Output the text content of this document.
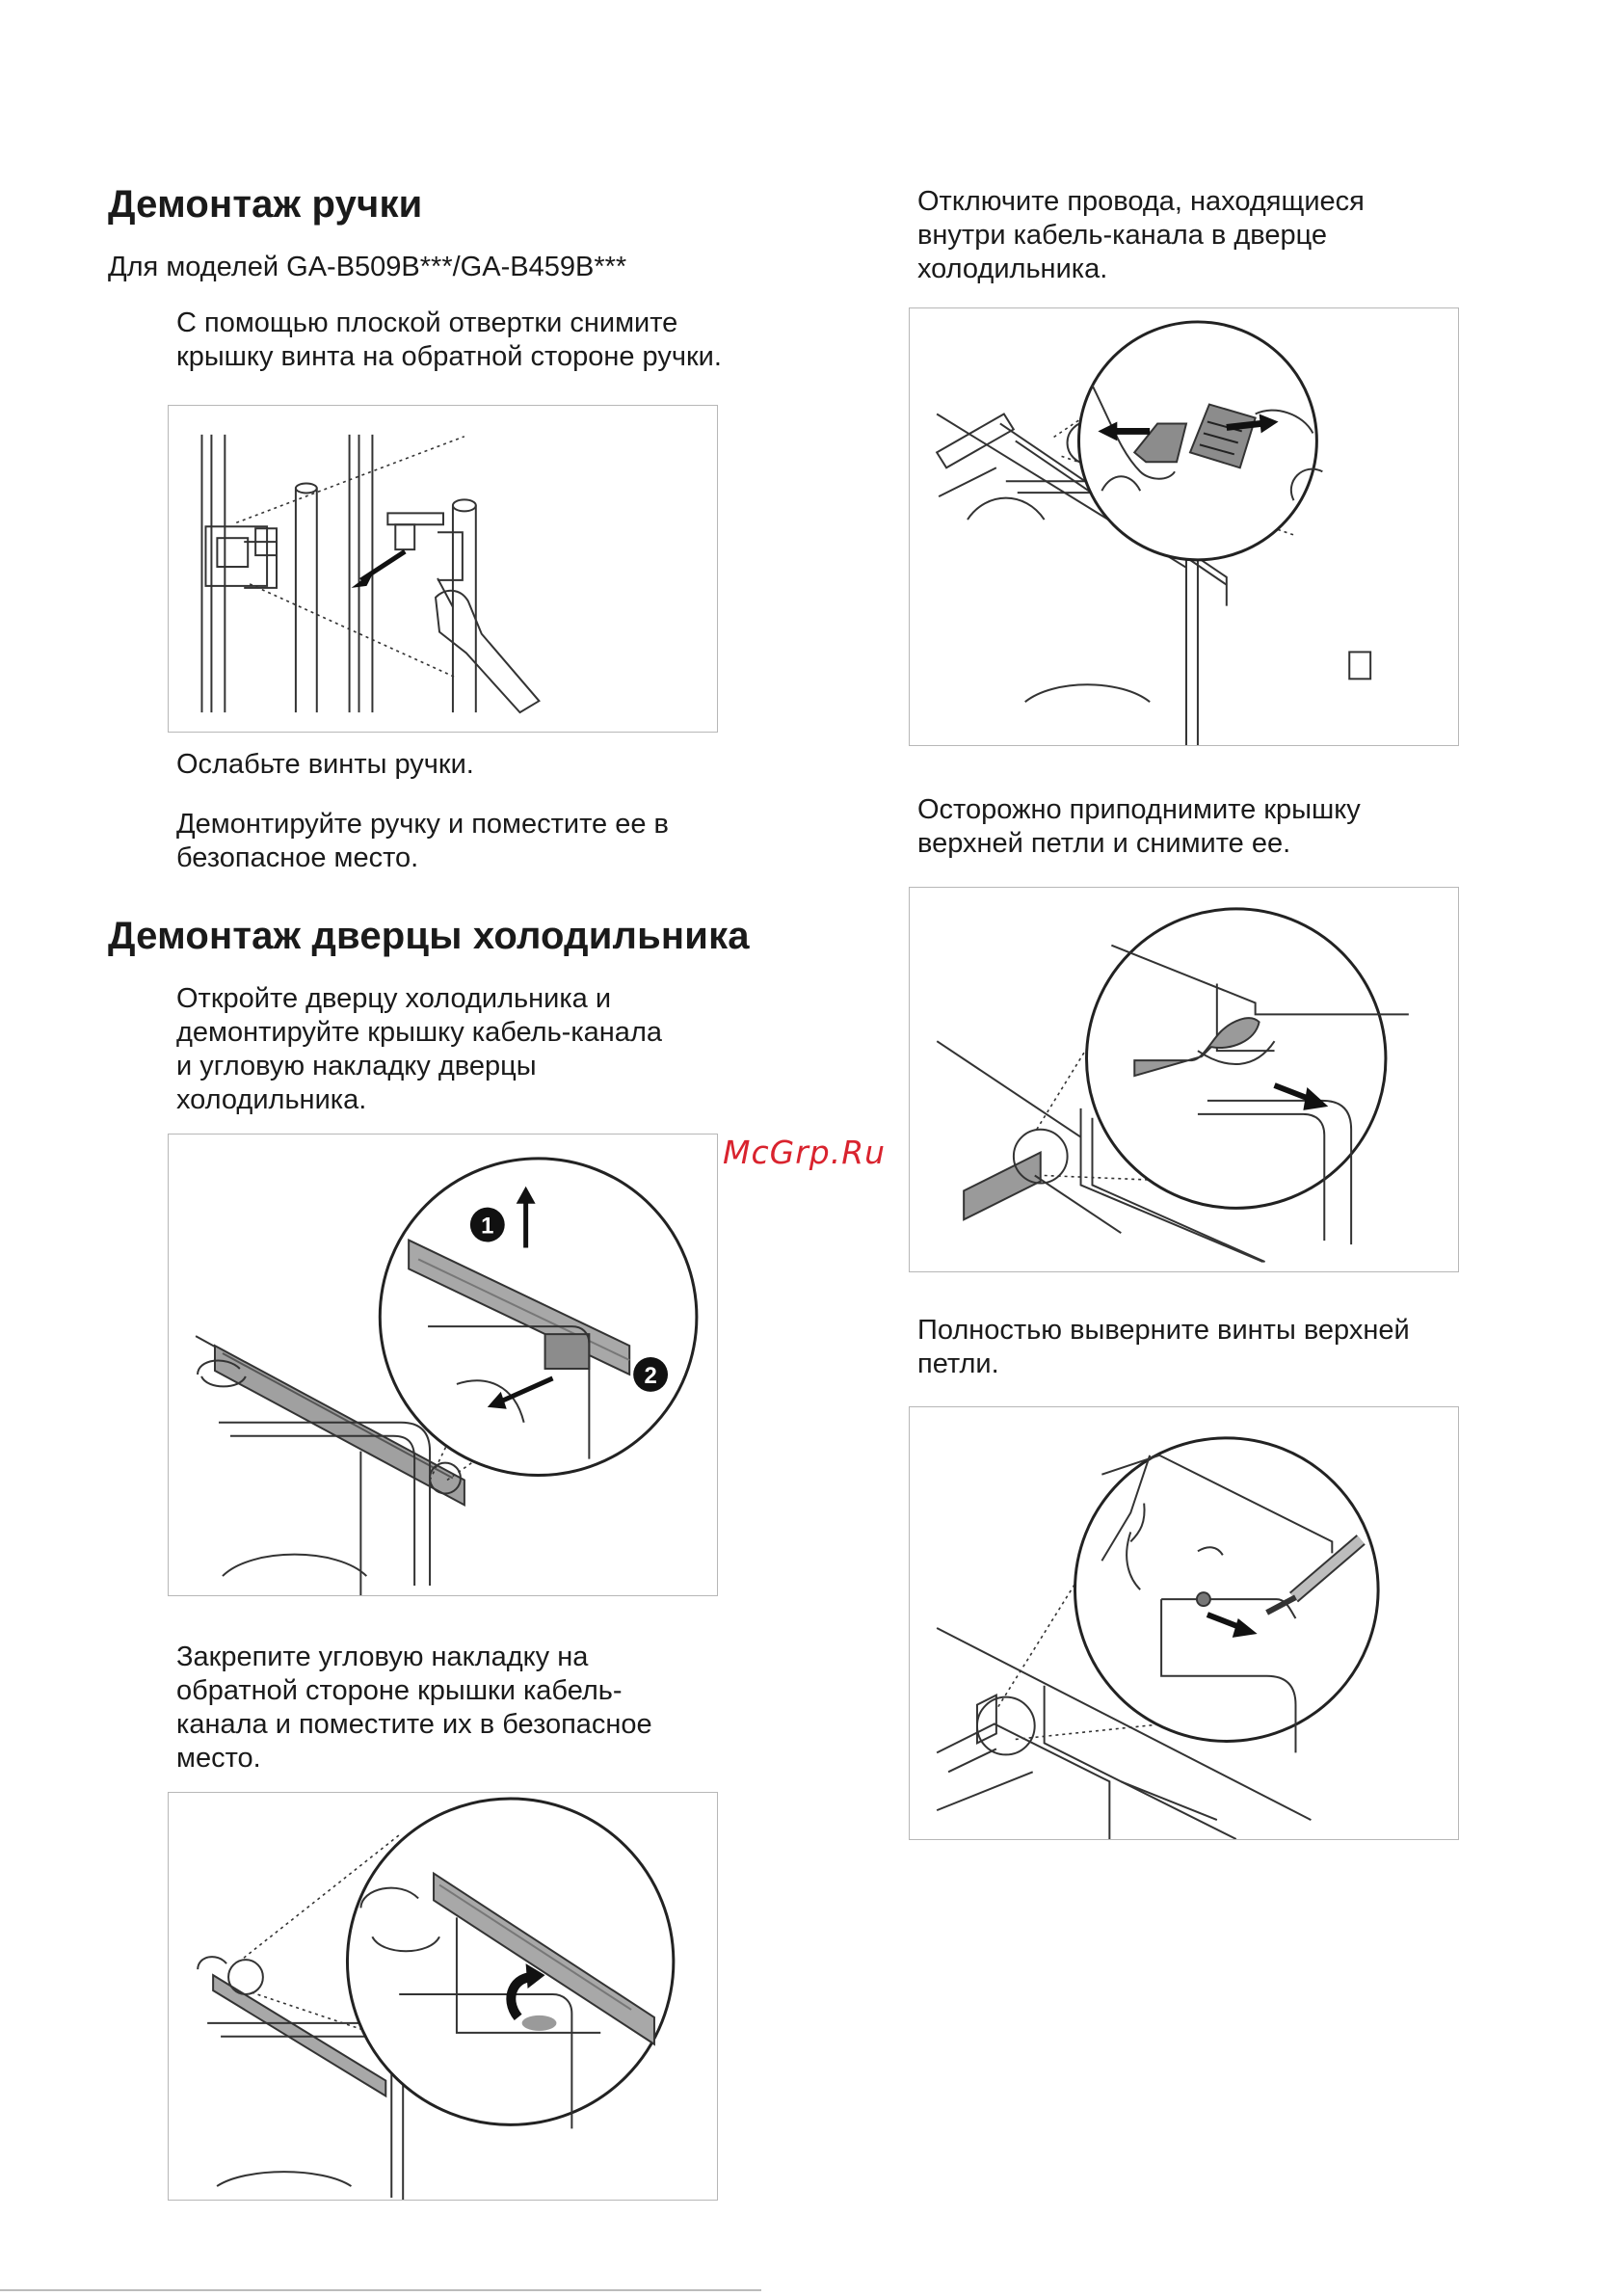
Демонтаж ручки
Для моделей GA-B509B***/GA-B459B***
С помощью плоской отвертки снимите
крышку винта на обратной стороне ручки.
Ослабьте винты ручки.
Демонтируйте ручку и поместите ее в
безопасное место.
Демонтаж дверцы холодильника
Откройте дверцу холодильника и
демонтируйте крышку кабель-канала
и угловую накладку дверцы
холодильника.
1
2
Закрепите угловую накладку на
обратной стороне крышки кабель-
канала и поместите их в безопасное
место.
McGrp.Ru
Отключите провода, находящиеся
внутри кабель-канала в дверце
холодильника.
Осторожно приподнимите крышку
верхней петли и снимите ее.
Полностью выверните винты верхней
петли.
